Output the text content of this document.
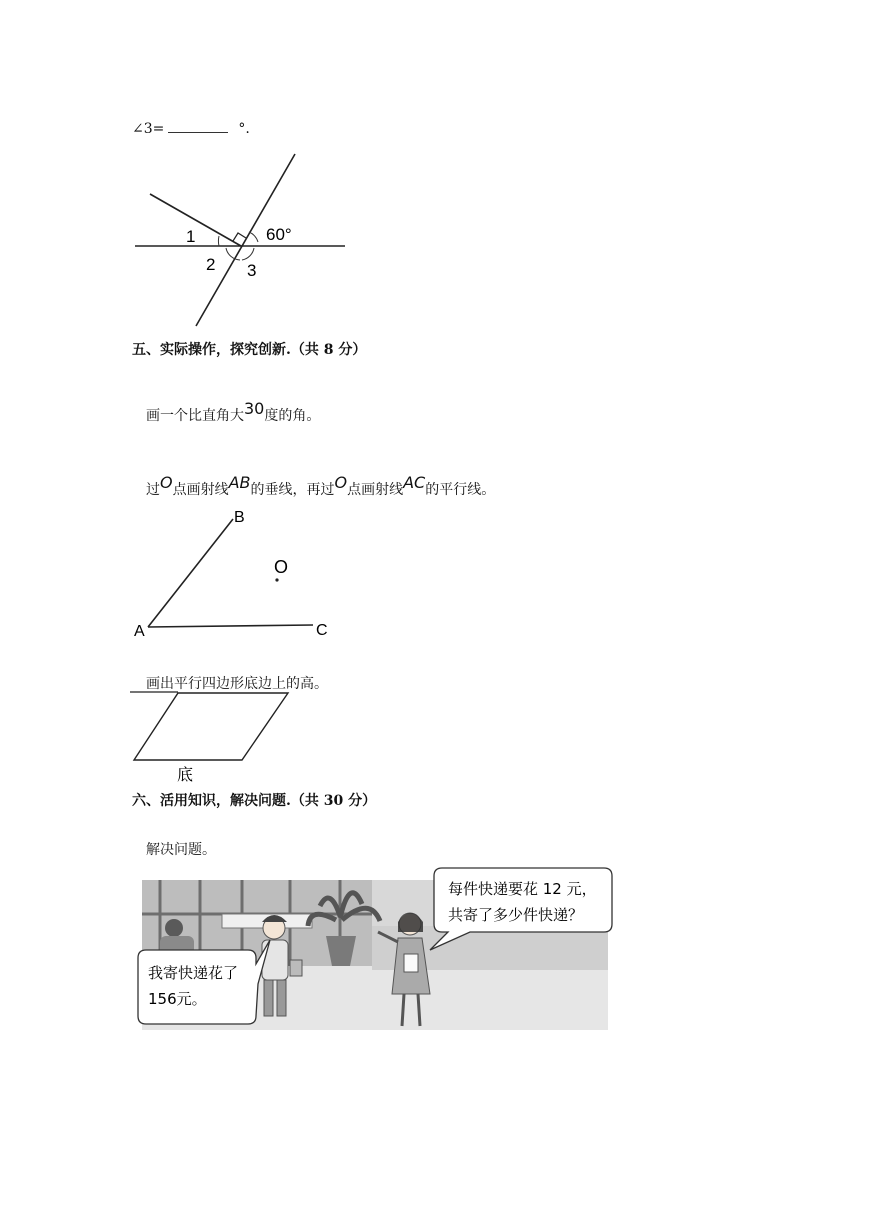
∠3=	°.
1
2 3
60°
五、实际操作，探究创新.（共 8 分）
画一个比直角大30度的角。
过O点画射线AB的垂线，再过O点画射线AC的平行线。
B
O
A	C
画出平行四边形底边上的高。
底
六、活用知识，解决问题.（共 30 分）
解决问题。
我寄快递花了
156元。
每件快递要花 12 元，
共寄了多少件快递？
